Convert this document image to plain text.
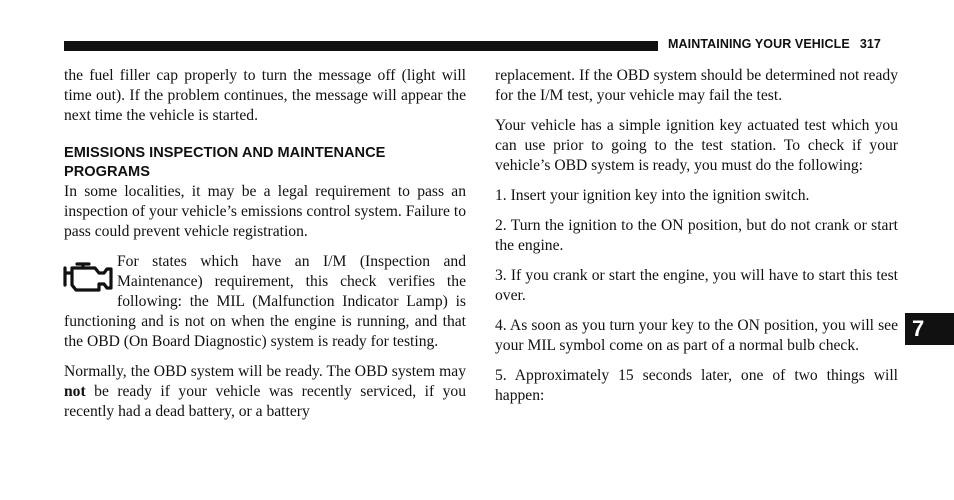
MAINTAINING YOUR VEHICLE 317

the fuel filler cap properly to turn the message off (light will time out). If the problem continues, the message will appear the next time the vehicle is started.

EMISSIONS INSPECTION AND MAINTENANCE PROGRAMS

In some localities, it may be a legal requirement to pass an inspection of your vehicle’s emissions control system. Failure to pass could prevent vehicle registration.

For states which have an I/M (Inspection and Maintenance) requirement, this check verifies the following: the MIL (Malfunction Indicator Lamp) is functioning and is not on when the engine is running, and that the OBD (On Board Diagnostic) system is ready for testing.

Normally, the OBD system will be ready. The OBD system may not be ready if your vehicle was recently serviced, if you recently had a dead battery, or a battery

replacement. If the OBD system should be determined not ready for the I/M test, your vehicle may fail the test.

Your vehicle has a simple ignition key actuated test which you can use prior to going to the test station. To check if your vehicle’s OBD system is ready, you must do the following:

1. Insert your ignition key into the ignition switch.

2. Turn the ignition to the ON position, but do not crank or start the engine.

3. If you crank or start the engine, you will have to start this test over.

4. As soon as you turn your key to the ON position, you will see your MIL symbol come on as part of a normal bulb check.

5. Approximately 15 seconds later, one of two things will happen:

7
